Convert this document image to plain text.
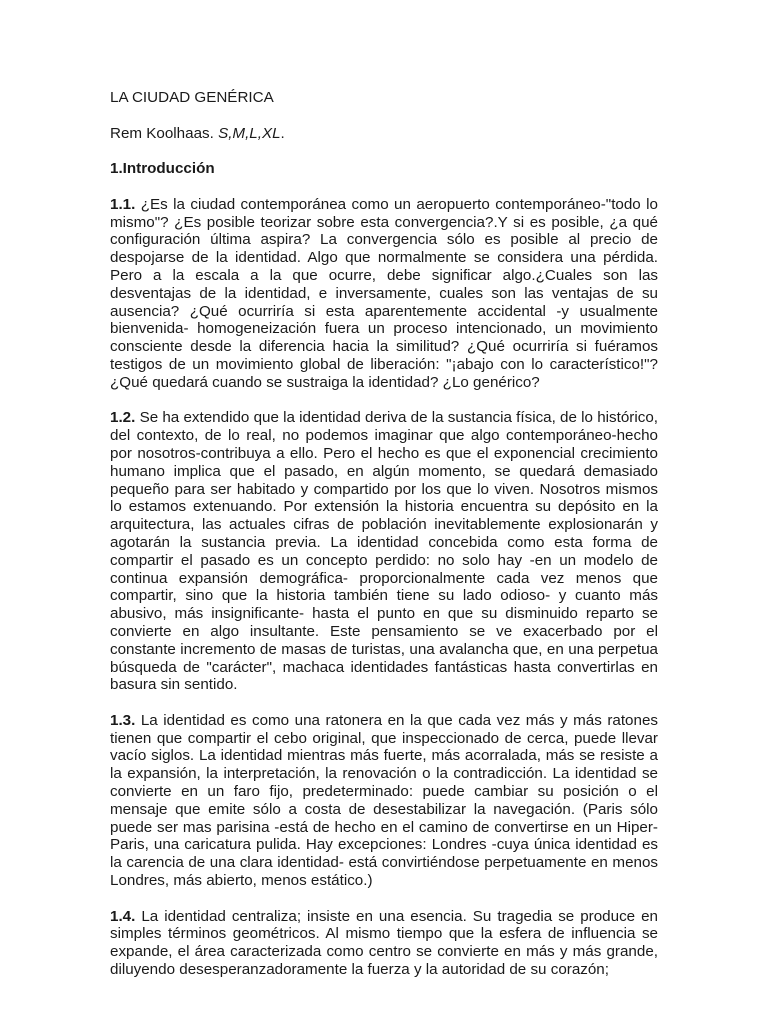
LA CIUDAD GENÉRICA
Rem Koolhaas. S,M,L,XL.
1.Introducción

1.1. ¿Es la ciudad contemporánea como un aeropuerto contemporáneo-"todo lo mismo"? ¿Es posible teorizar sobre esta convergencia?.Y si es posible, ¿a qué configuración última aspira? La convergencia sólo es posible al precio de despojarse de la identidad. Algo que normalmente se considera una pérdida. Pero a la escala a la que ocurre, debe significar algo.¿Cuales son las desventajas de la identidad, e inversamente, cuales son las ventajas de su ausencia? ¿Qué ocurriría si esta aparentemente accidental -y usualmente bienvenida- homogeneización fuera un proceso intencionado, un movimiento consciente desde la diferencia hacia la similitud? ¿Qué ocurriría si fuéramos testigos de un movimiento global de liberación: "¡abajo con lo característico!"? ¿Qué quedará cuando se sustraiga la identidad? ¿Lo genérico?

1.2. Se ha extendido que la identidad deriva de la sustancia física, de lo histórico, del contexto, de lo real, no podemos imaginar que algo contemporáneo-hecho por nosotros-contribuya a ello. Pero el hecho es que el exponencial crecimiento humano implica que el pasado, en algún momento, se quedará demasiado pequeño para ser habitado y compartido por los que lo viven. Nosotros mismos lo estamos extenuando. Por extensión la historia encuentra su depósito en la arquitectura, las actuales cifras de población inevitablemente explosionarán y agotarán la sustancia previa. La identidad concebida como esta forma de compartir el pasado es un concepto perdido: no solo hay -en un modelo de continua expansión demográfica- proporcionalmente cada vez menos que compartir, sino que la historia también tiene su lado odioso- y cuanto más abusivo, más insignificante- hasta el punto en que su disminuido reparto se convierte en algo insultante. Este pensamiento se ve exacerbado por el constante incremento de masas de turistas, una avalancha que, en una perpetua búsqueda de "carácter", machaca identidades fantásticas hasta convertirlas en basura sin sentido.

1.3. La identidad es como una ratonera en la que cada vez más y más ratones tienen que compartir el cebo original, que inspeccionado de cerca, puede llevar vacío siglos. La identidad mientras más fuerte, más acorralada, más se resiste a la expansión, la interpretación, la renovación o la contradicción. La identidad se convierte en un faro fijo, predeterminado: puede cambiar su posición o el mensaje que emite sólo a costa de desestabilizar la navegación. (Paris sólo puede ser mas parisina -está de hecho en el camino de convertirse en un Hiper-Paris, una caricatura pulida. Hay excepciones: Londres -cuya única identidad es la carencia de una clara identidad- está convirtiéndose perpetuamente en menos Londres, más abierto, menos estático.)

1.4. La identidad centraliza; insiste en una esencia. Su tragedia se produce en simples términos geométricos. Al mismo tiempo que la esfera de influencia se expande, el área caracterizada como centro se convierte en más y más grande, diluyendo desesperanzadoramente la fuerza y la autoridad de su corazón;
